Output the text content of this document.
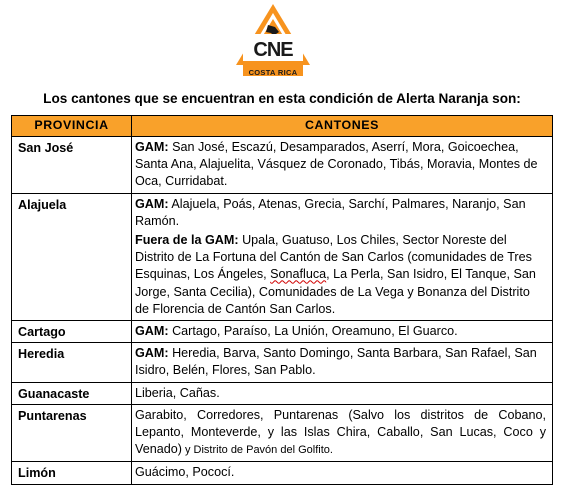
CNE
COSTA RICA
Los cantones que se encuentran en esta condición de Alerta Naranja son:
PROVINCIA	CANTONES
San José	GAM: San José, Escazú, Desamparados, Aserrí, Mora, Goicoechea, Santa Ana, Alajuelita, Vásquez de Coronado, Tibás, Moravia, Montes de Oca, Curridabat.
Alajuela	GAM: Alajuela, Poás, Atenas, Grecia, Sarchí, Palmares, Naranjo, San Ramón.
Fuera de la GAM: Upala, Guatuso, Los Chiles, Sector Noreste del Distrito de La Fortuna del Cantón de San Carlos (comunidades de Tres Esquinas, Los Ángeles, Sonafluca, La Perla, San Isidro, El Tanque, San Jorge, Santa Cecilia), Comunidades de La Vega y Bonanza del Distrito de Florencia de Cantón San Carlos.

Cartago	GAM: Cartago, Paraíso, La Unión, Oreamuno, El Guarco.
Heredia	GAM: Heredia, Barva, Santo Domingo, Santa Barbara, San Rafael, San Isidro, Belén, Flores, San Pablo.
Guanacaste	Liberia, Cañas.
Puntarenas	Garabito, Corredores, Puntarenas (Salvo los distritos de Cobano, Lepanto, Monteverde, y las Islas Chira, Caballo, San Lucas, Coco y Venado) y Distrito de Pavón del Golfito.
Limón	Guácimo, Pococí.
